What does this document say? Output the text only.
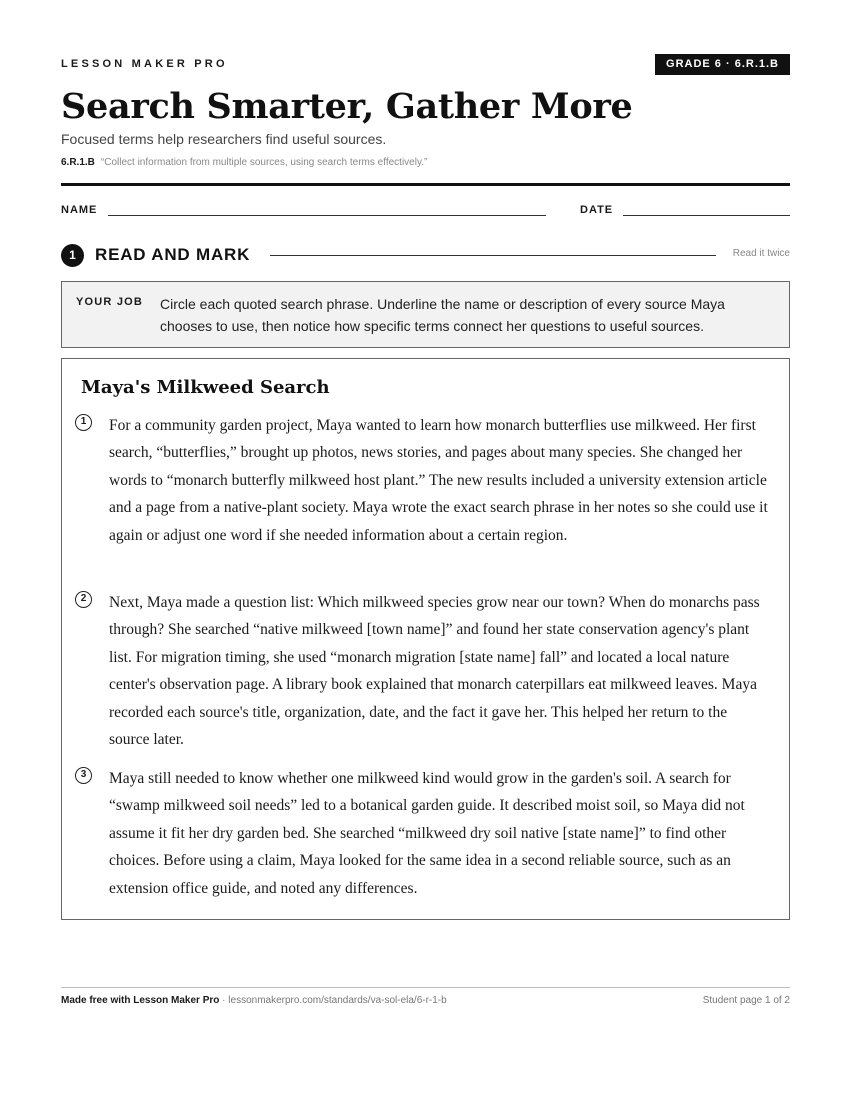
LESSON MAKER PRO	GRADE 6 · 6.R.1.B
Search Smarter, Gather More
Focused terms help researchers find useful sources.
6.R.1.B “Collect information from multiple sources, using search terms effectively.”
NAME	DATE
1	READ AND MARK	Read it twice
YOUR JOB Circle each quoted search phrase. Underline the name or description of every source Maya chooses to use, then notice how specific terms connect her questions to useful sources.
Maya's Milkweed Search
1	For a community garden project, Maya wanted to learn how monarch butterflies use milkweed. Her first search, “butterflies,” brought up photos, news stories, and pages about many species. She changed her words to “monarch butterfly milkweed host plant.” The new results included a university extension article and a page from a native-plant society. Maya wrote the exact search phrase in her notes so she could use it again or adjust one word if she needed information about a certain region.
2	Next, Maya made a question list: Which milkweed species grow near our town? When do monarchs pass through? She searched “native milkweed [town name]” and found her state conservation agency's plant list. For migration timing, she used “monarch migration [state name] fall” and located a local nature center's observation page. A library book explained that monarch caterpillars eat milkweed leaves. Maya recorded each source's title, organization, date, and the fact it gave her. This helped her return to the source later.
3	Maya still needed to know whether one milkweed kind would grow in the garden's soil. A search for “swamp milkweed soil needs” led to a botanical garden guide. It described moist soil, so Maya did not assume it fit her dry garden bed. She searched “milkweed dry soil native [state name]” to find other choices. Before using a claim, Maya looked for the same idea in a second reliable source, such as an extension office guide, and noted any differences.
Made free with Lesson Maker Pro · lessonmakerpro.com/standards/va-sol-ela/6-r-1-b	Student page 1 of 2
